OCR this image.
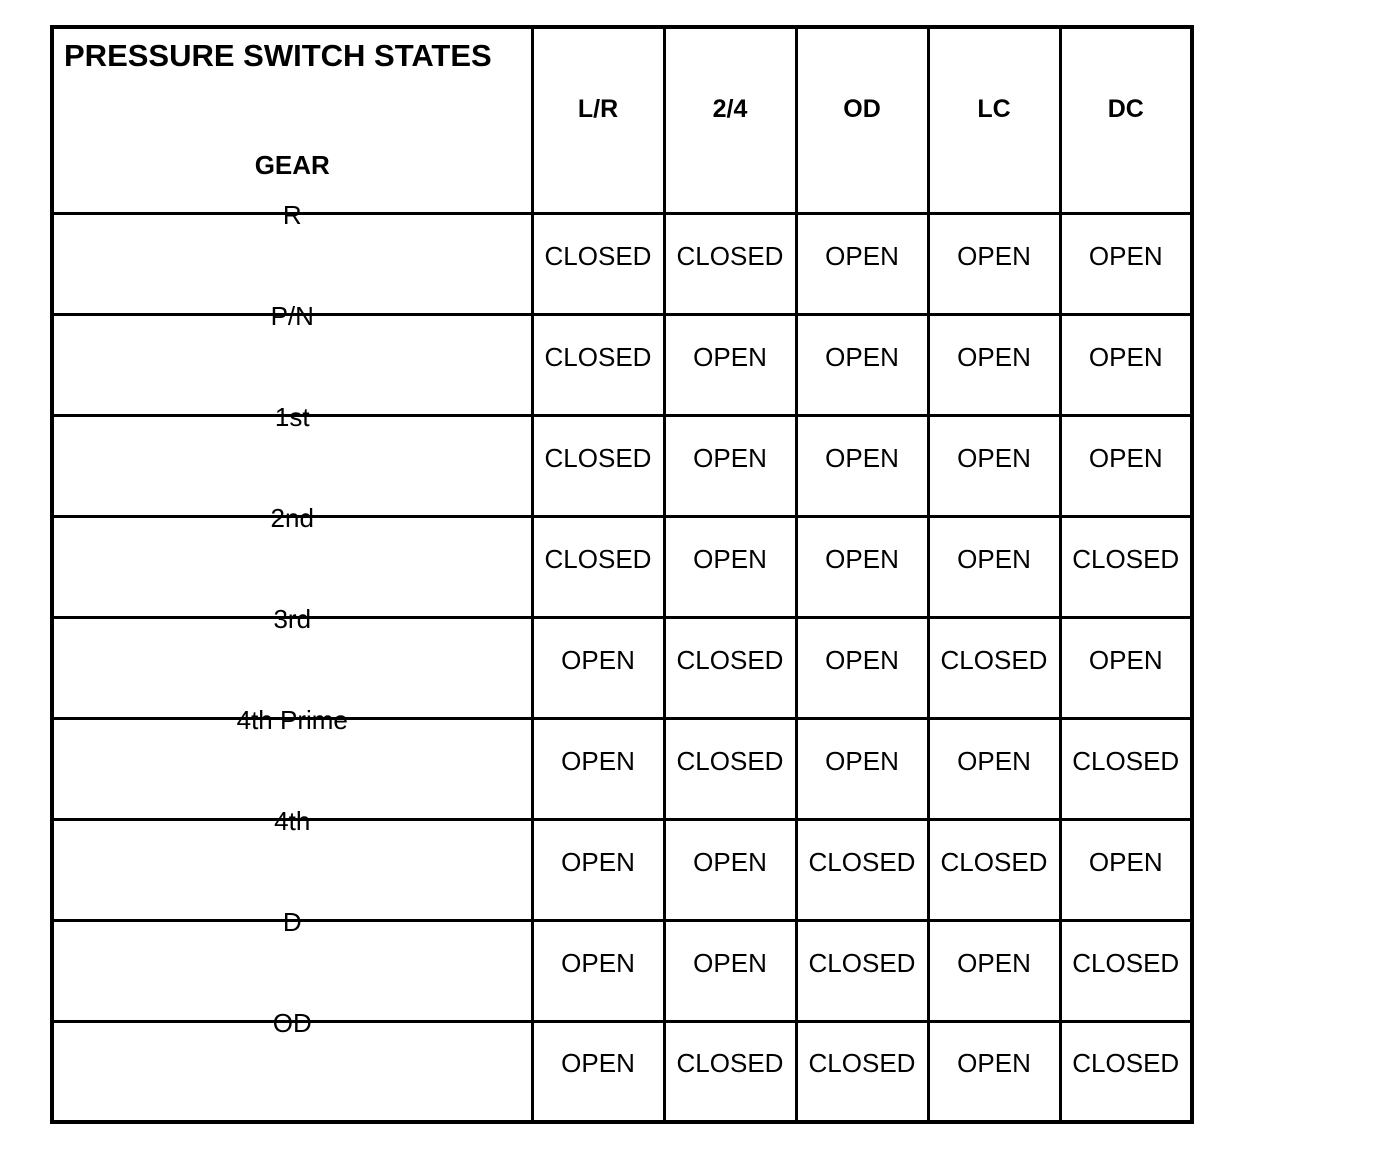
PRESSURE SWITCH STATES
GEAR	L/R	2/4	OD	LC	DC

R	CLOSED	CLOSED	OPEN	OPEN	OPEN

P/N	CLOSED	OPEN	OPEN	OPEN	OPEN

1st	CLOSED	OPEN	OPEN	OPEN	OPEN

2nd	CLOSED	OPEN	OPEN	OPEN	CLOSED

3rd	OPEN	CLOSED	OPEN	CLOSED	OPEN

4th Prime	OPEN	CLOSED	OPEN	OPEN	CLOSED

4th	OPEN	OPEN	CLOSED	CLOSED	OPEN

D	OPEN	OPEN	CLOSED	OPEN	CLOSED

OD	OPEN	CLOSED	CLOSED	OPEN	CLOSED
